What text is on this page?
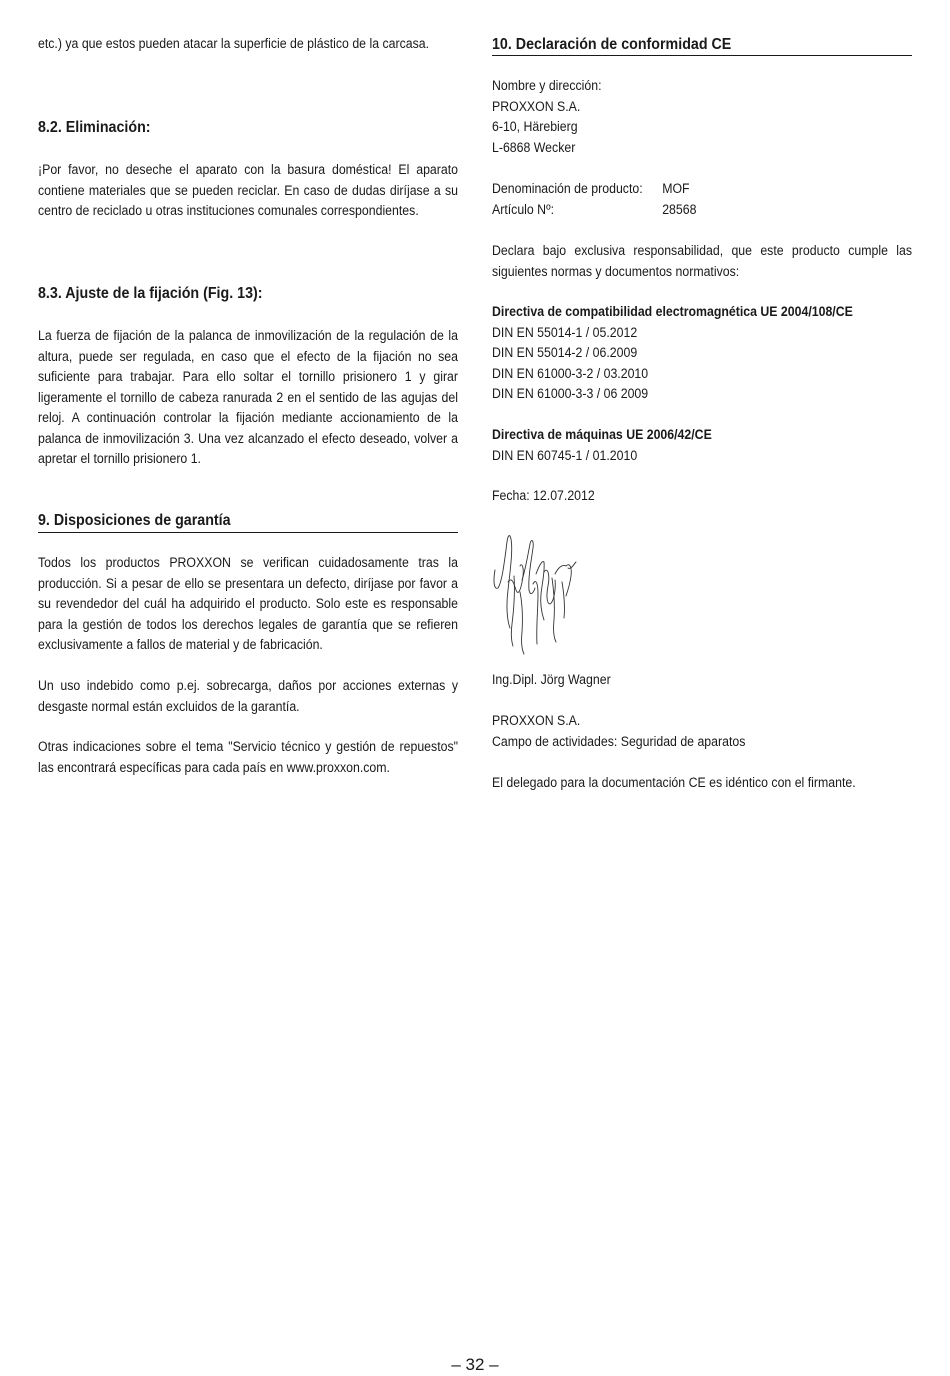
etc.) ya que estos pueden atacar la superficie de plástico de la carcasa.

8.2. Eliminación:

¡Por favor, no deseche el aparato con la basura doméstica! El aparato contiene materiales que se pueden reciclar. En caso de dudas diríjase a su centro de reciclado u otras instituciones comunales correspondientes.

8.3. Ajuste de la fijación (Fig. 13):

La fuerza de fijación de la palanca de inmovilización de la regulación de la altura, puede ser regulada, en caso que el efecto de la fijación no sea suficiente para trabajar. Para ello soltar el tornillo prisionero 1 y girar ligeramente el tornillo de cabeza ranurada 2 en el sentido de las agujas del reloj. A continuación controlar la fijación mediante accionamiento de la palanca de inmovilización 3. Una vez alcanzado el efecto deseado, volver a apretar el tornillo prisionero 1.

9. Disposiciones de garantía

Todos los productos PROXXON se verifican cuidadosamente tras la producción. Si a pesar de ello se presentara un defecto, diríjase por favor a su revendedor del cuál ha adquirido el producto. Solo este es responsable para la gestión de todos los derechos legales de garantía que se refieren exclusivamente a fallos de material y de fabricación.

Un uso indebido como p.ej. sobrecarga, daños por acciones externas y desgaste normal están excluidos de la garantía.

Otras indicaciones sobre el tema "Servicio técnico y gestión de repuestos" las encontrará específicas para cada país en www.proxxon.com.

10. Declaración de conformidad CE

Nombre y dirección:

PROXXON S.A.

6-10, Härebierg

L-6868 Wecker

Denominación de producto:	MOF

Artículo Nº:	28568

Declara bajo exclusiva responsabilidad, que este producto cumple las siguientes normas y documentos normativos:

Directiva de compatibilidad electromagnética UE 2004/108/CE

DIN EN 55014-1 / 05.2012

DIN EN 55014-2 / 06.2009

DIN EN 61000-3-2 / 03.2010

DIN EN 61000-3-3 / 06 2009

Directiva de máquinas UE 2006/42/CE

DIN EN 60745-1 / 01.2010

Fecha: 12.07.2012

Ing.Dipl. Jörg Wagner

PROXXON S.A.

Campo de actividades: Seguridad de aparatos

El delegado para la documentación CE es idéntico con el firmante.

– 32 –
